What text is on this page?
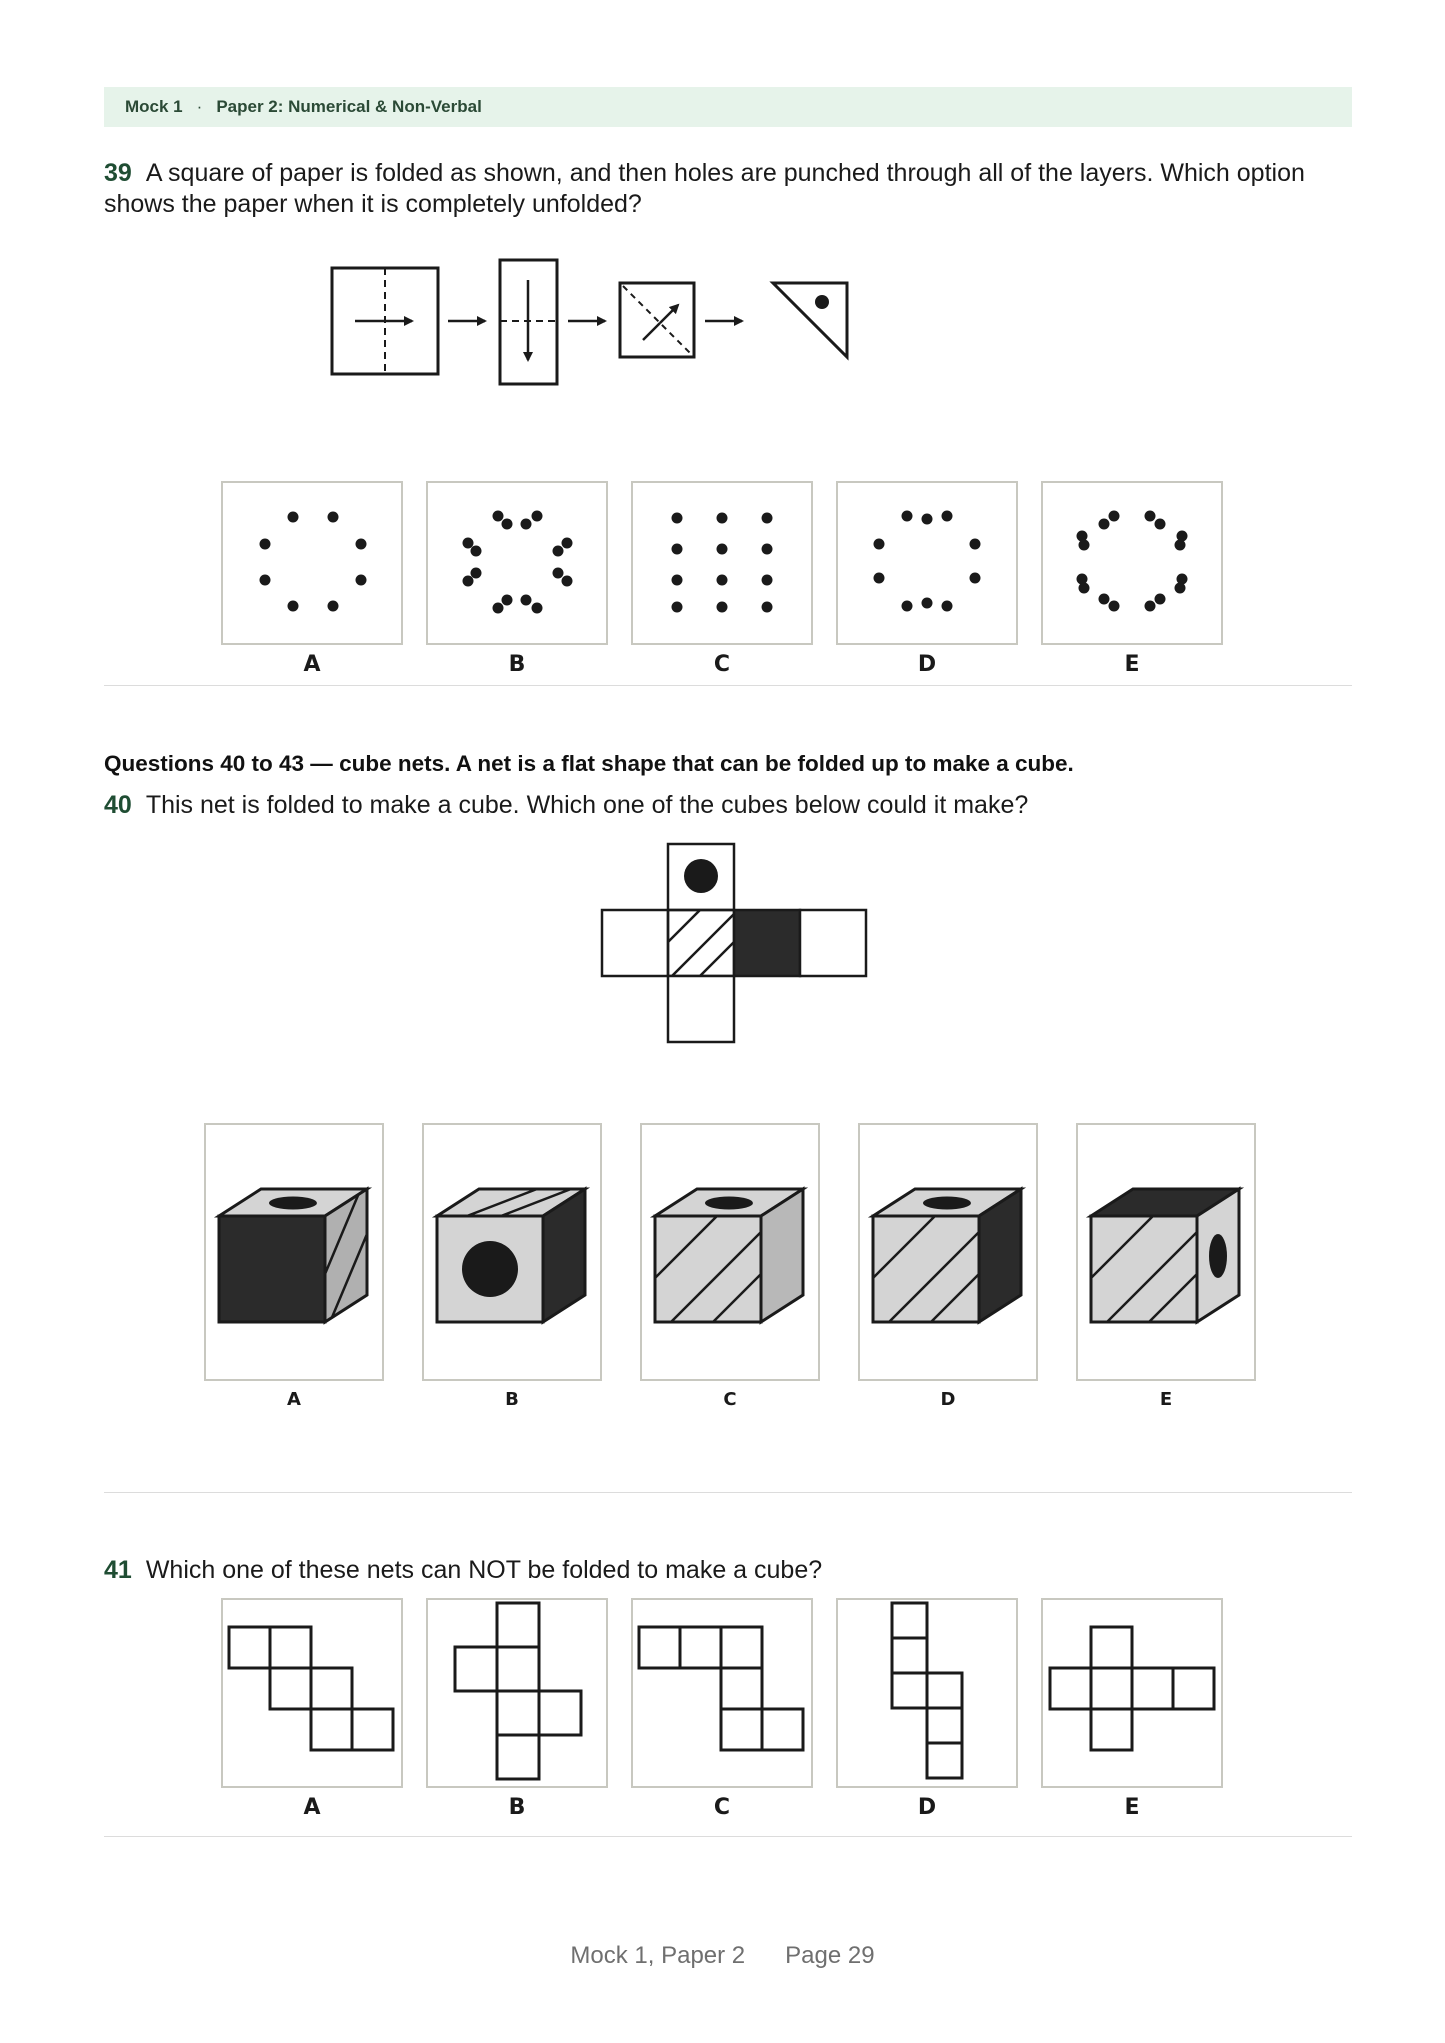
Mock 1 · Paper 2: Numerical & Non-Verbal
39 A square of paper is folded as shown, and then holes are punched through all of the layers. Which option shows the paper when it is completely unfolded?
A	B	C	D	E
Questions 40 to 43 — cube nets. A net is a flat shape that can be folded up to make a cube.
40 This net is folded to make a cube. Which one of the cubes below could it make?
A	B	C	D	E
41 Which one of these nets can NOT be folded to make a cube?
A	B	C	D	E
Mock 1, Paper 2 Page 29
